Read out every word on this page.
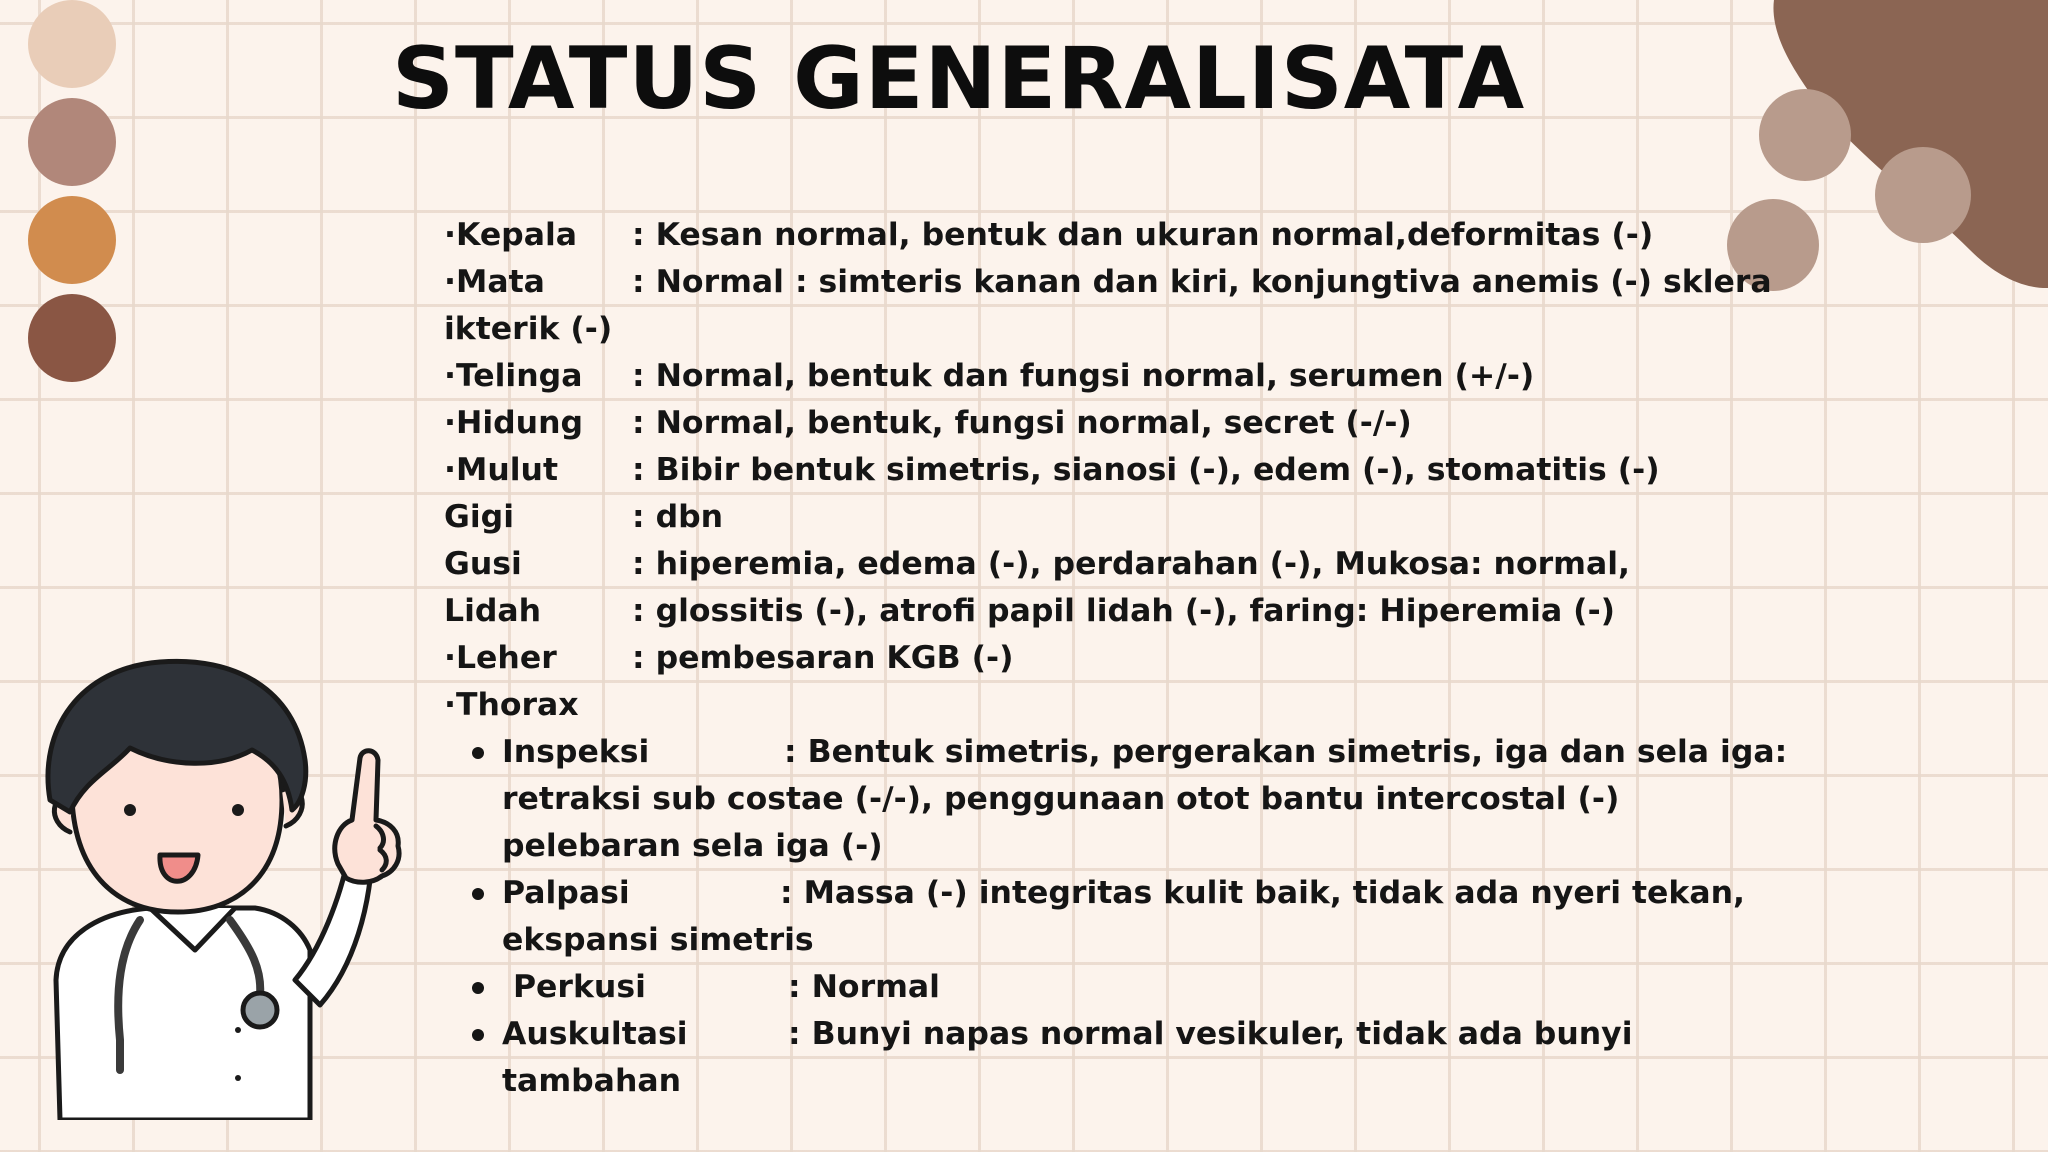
STATUS GENERALISATA
·Kepala : Kesan normal, bentuk dan ukuran normal,deformitas (-)
·Mata	: Normal : simteris kanan dan kiri, konjungtiva anemis (-) sklera
ikterik (-)
·Telinga : Normal, bentuk dan fungsi normal, serumen (+/-)
·Hidung : Normal, bentuk, fungsi normal, secret (-/-)
·Mulut : Bibir bentuk simetris, sianosi (-), edem (-), stomatitis (-)
Gigi	: dbn
Gusi	: hiperemia, edema (-), perdarahan (-), Mukosa: normal,
Lidah	: glossitis (-), atrofi papil lidah (-), faring: Hiperemia (-)
·Leher : pembesaran KGB (-)
·Thorax
Inspeksi	: Bentuk simetris, pergerakan simetris, iga dan sela iga:
retraksi sub costae (-/-), penggunaan otot bantu intercostal (-)
pelebaran sela iga (-)
Palpasi	: Massa (-) integritas kulit baik, tidak ada nyeri tekan,
ekspansi simetris
Perkusi	: Normal
Auskultasi	: Bunyi napas normal vesikuler, tidak ada bunyi
tambahan
